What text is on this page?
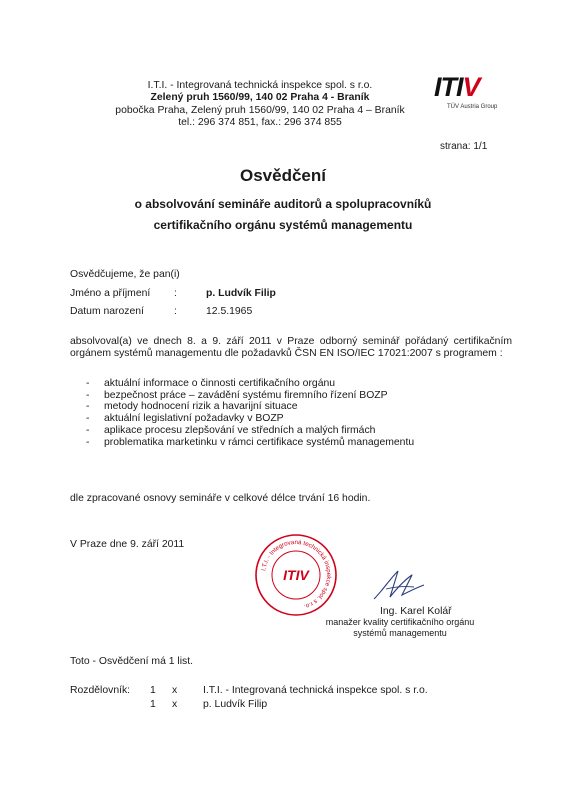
I.T.I. - Integrovaná technická inspekce spol. s r.o.
Zelený pruh 1560/99, 140 02 Praha 4 - Braník
pobočka Praha, Zelený pruh 1560/99, 140 02 Praha 4 – Braník
tel.: 296 374 851, fax.: 296 374 855
ITIV
TÜV Austria Group
strana: 1/1
Osvědčení
o absolvování semináře auditorů a spolupracovníků
certifikačního orgánu systémů managementu
Osvědčujeme, že pan(i)
Jméno a příjmení :	p. Ludvík Filip
Datum narození	:	12.5.1965
absolvoval(a) ve dnech 8. a 9. září 2011 v Praze odborný seminář pořádaný certifikačním orgánem systémů managementu dle požadavků ČSN EN ISO/IEC 17021:2007 s programem :
- aktuální informace o činnosti certifikačního orgánu
- bezpečnost práce – zavádění systému firemního řízení BOZP
- metody hodnocení rizik a havarijní situace
- aktuální legislativní požadavky v BOZP
- aplikace procesu zlepšování ve středních a malých firmách
- problematika marketinku v rámci certifikace systémů managementu
dle zpracované osnovy semináře v celkové délce trvání 16 hodin.
V Praze dne 9. září 2011
I.T.I. - Integrovaná technická inspekce spol. s r.o.
ITIV
Ing. Karel Kolář
manažer kvality certifikačního orgánu systémů managementu
Toto - Osvědčení má 1 list.
Rozdělovník: 1 x I.T.I. - Integrovaná technická inspekce spol. s r.o.
1 x p. Ludvík Filip
